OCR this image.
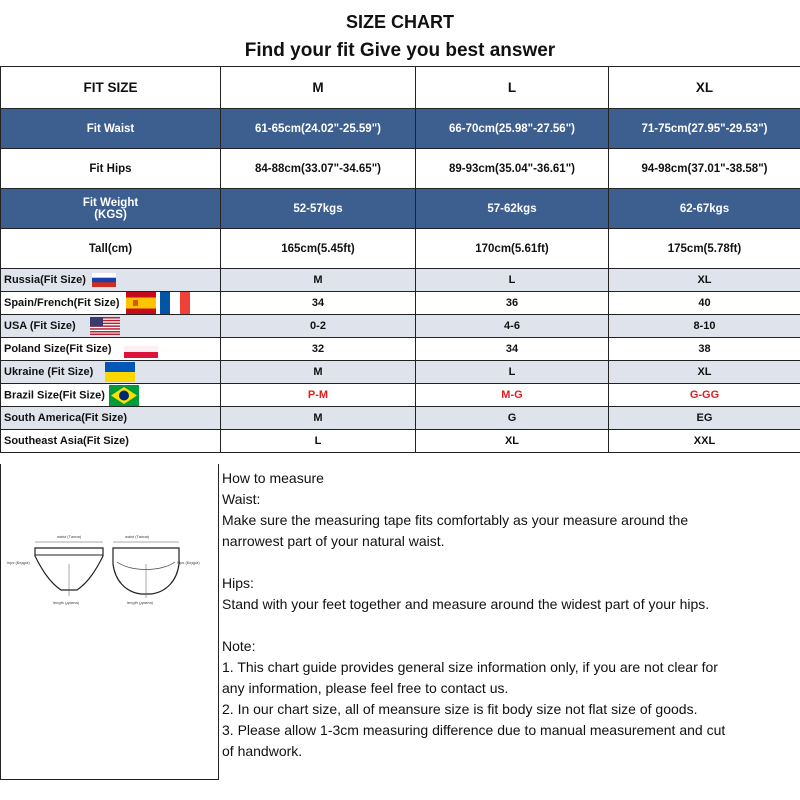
SIZE CHART
Find your fit Give you best answer
FIT SIZE	M	L	XL
Fit Waist	61-65cm(24.02"-25.59")	66-70cm(25.98"-27.56")	71-75cm(27.95"-29.53")
Fit Hips	84-88cm(33.07"-34.65")	89-93cm(35.04"-36.61")	94-98cm(37.01"-38.58")

Fit Weight
(KGS)	52-57kgs	57-62kgs	62-67kgs
Tall(cm)	165cm(5.45ft)	170cm(5.61ft)	175cm(5.78ft)
Russia(Fit Size)	M	L	XL
Spain/French(Fit Size)	34	36	40
USA (Fit Size)	0-2	4-6	8-10
Poland Size(Fit Size)	32	34	38
Ukraine (Fit Size)	M	L	XL
Brazil Size(Fit Size)	P-M	M-G	G-GG
South America(Fit Size)	M	G	EG
Southeast Asia(Fit Size)	L	XL	XXL
waist (Талия)	waist (Талия)
hips (Бедра)	hips (Бедра)
length (длина)	length (длина)
How to measure
Waist:
Make sure the measuring tape fits comfortably as your measure around the
narrowest part of your natural waist.
Hips:
Stand with your feet together and measure around the widest part of your hips.
Note:
1. This chart guide provides general size information only, if you are not clear for
any information, please feel free to contact us.
2. In our chart size, all of meansure size is fit body size not flat size of goods.
3. Please allow 1-3cm measuring difference due to manual measurement and cut
of handwork.
